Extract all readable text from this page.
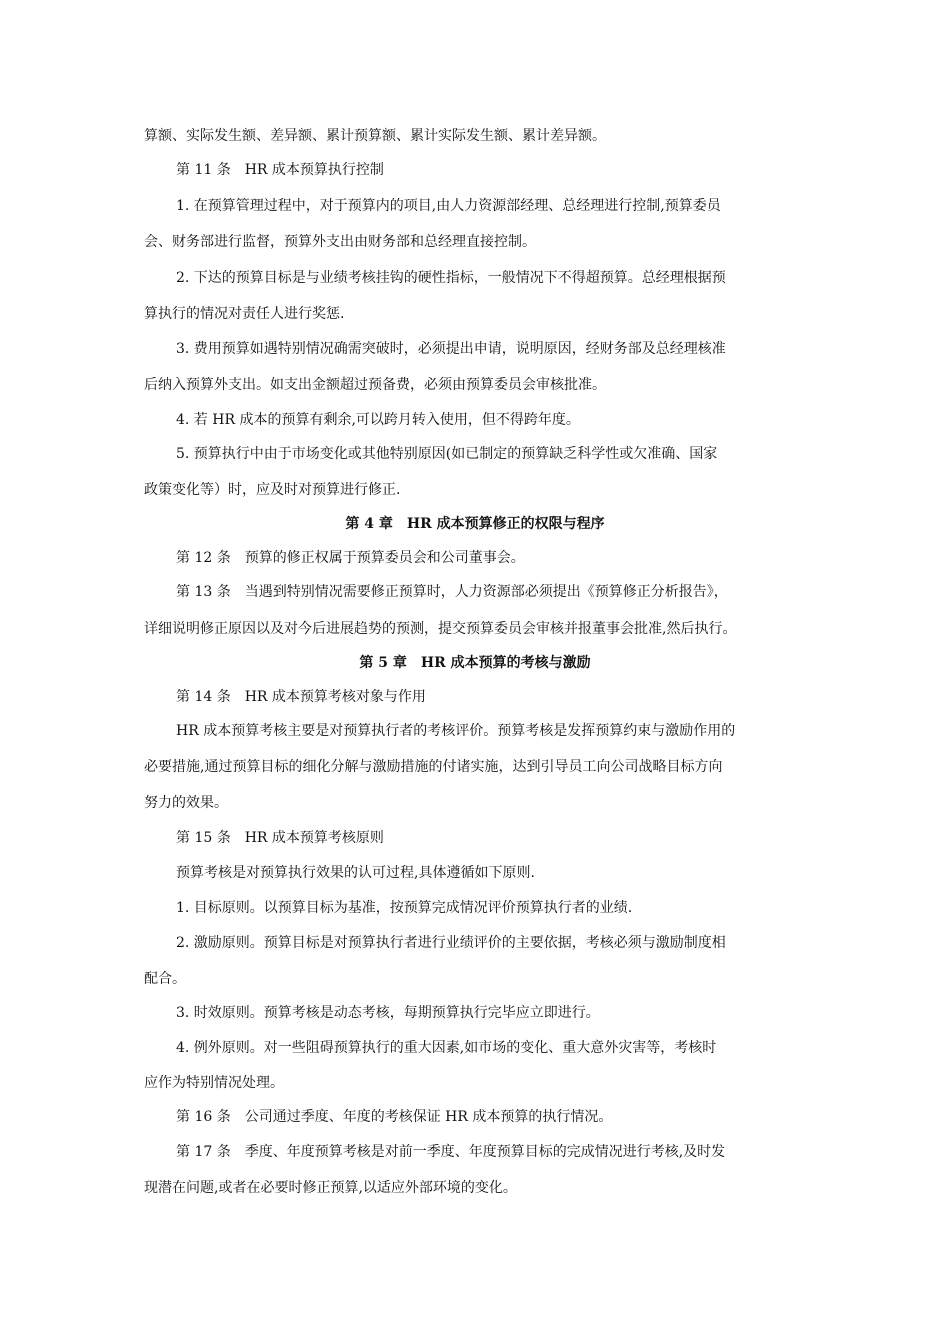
算额、实际发生额、差异额、累计预算额、累计实际发生额、累计差异额。
第 11 条　HR 成本预算执行控制
1. 在预算管理过程中，对于预算内的项目,由人力资源部经理、总经理进行控制,预算委员
会、财务部进行监督，预算外支出由财务部和总经理直接控制。
2. 下达的预算目标是与业绩考核挂钩的硬性指标，一般情况下不得超预算。总经理根据预
算执行的情况对责任人进行奖惩.
3. 费用预算如遇特别情况确需突破时，必须提出申请，说明原因，经财务部及总经理核准
后纳入预算外支出。如支出金额超过预备费，必须由预算委员会审核批准。
4. 若 HR 成本的预算有剩余,可以跨月转入使用，但不得跨年度。
5. 预算执行中由于市场变化或其他特别原因(如已制定的预算缺乏科学性或欠准确、国家
政策变化等）时，应及时对预算进行修正.
第 4 章　HR 成本预算修正的权限与程序
第 12 条　预算的修正权属于预算委员会和公司董事会。
第 13 条　当遇到特别情况需要修正预算时，人力资源部必须提出《预算修正分析报告》，
详细说明修正原因以及对今后进展趋势的预测，提交预算委员会审核并报董事会批准,然后执行。
第 5 章　HR 成本预算的考核与激励
第 14 条　HR 成本预算考核对象与作用
HR 成本预算考核主要是对预算执行者的考核评价。预算考核是发挥预算约束与激励作用的
必要措施,通过预算目标的细化分解与激励措施的付诸实施，达到引导员工向公司战略目标方向
努力的效果。
第 15 条　HR 成本预算考核原则
预算考核是对预算执行效果的认可过程,具体遵循如下原则.
1. 目标原则。以预算目标为基准，按预算完成情况评价预算执行者的业绩.
2. 激励原则。预算目标是对预算执行者进行业绩评价的主要依据，考核必须与激励制度相
配合。
3. 时效原则。预算考核是动态考核，每期预算执行完毕应立即进行。
4. 例外原则。对一些阻碍预算执行的重大因素,如市场的变化、重大意外灾害等，考核时
应作为特别情况处理。
第 16 条　公司通过季度、年度的考核保证 HR 成本预算的执行情况。
第 17 条　季度、年度预算考核是对前一季度、年度预算目标的完成情况进行考核,及时发
现潜在问题,或者在必要时修正预算,以适应外部环境的变化。
